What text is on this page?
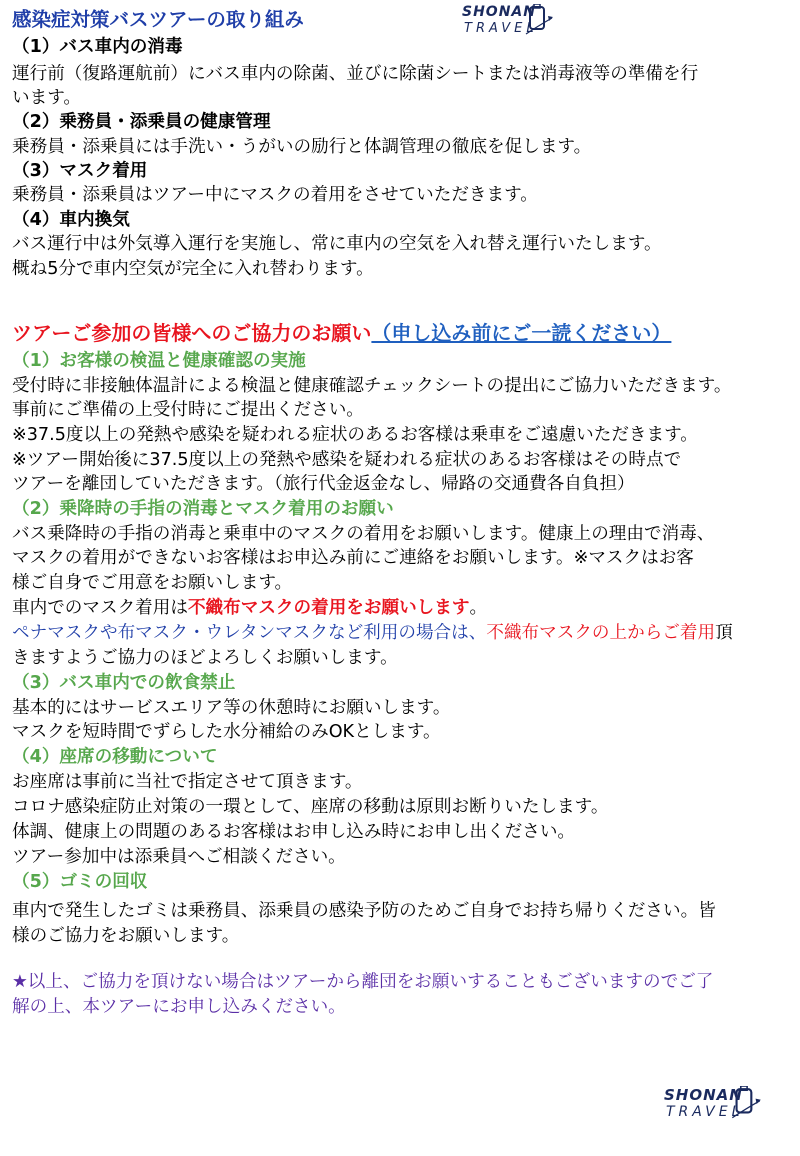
SHONAN
TRAVEL
感染症対策バスツアーの取り組み
（1）バス車内の消毒
運行前（復路運航前）にバス車内の除菌、並びに除菌シートまたは消毒液等の準備を行
います。
（2）乗務員・添乗員の健康管理
乗務員・添乗員には手洗い・うがいの励行と体調管理の徹底を促します。
（3）マスク着用
乗務員・添乗員はツアー中にマスクの着用をさせていただきます。
（4）車内換気
バス運行中は外気導入運行を実施し、常に車内の空気を入れ替え運行いたします。
概ね5分で車内空気が完全に入れ替わります。
ツアーご参加の皆様へのご協力のお願い（申し込み前にご一読ください）
（1）お客様の検温と健康確認の実施
受付時に非接触体温計による検温と健康確認チェックシートの提出にご協力いただきます。
事前にご準備の上受付時にご提出ください。
※37.5度以上の発熱や感染を疑われる症状のあるお客様は乗車をご遠慮いただきます。
※ツアー開始後に37.5度以上の発熱や感染を疑われる症状のあるお客様はその時点で
ツアーを離団していただきます。（旅行代金返金なし、帰路の交通費各自負担）
（2）乗降時の手指の消毒とマスク着用のお願い
バス乗降時の手指の消毒と乗車中のマスクの着用をお願いします。健康上の理由で消毒、
マスクの着用ができないお客様はお申込み前にご連絡をお願いします。※マスクはお客
様ご自身でご用意をお願いします。
車内でのマスク着用は不織布マスクの着用をお願いします。
ペナマスクや布マスク・ウレタンマスクなど利用の場合は、不織布マスクの上からご着用頂
きますようご協力のほどよろしくお願いします。
（3）バス車内での飲食禁止
基本的にはサービスエリア等の休憩時にお願いします。
マスクを短時間でずらした水分補給のみOKとします。
（4）座席の移動について
お座席は事前に当社で指定させて頂きます。
コロナ感染症防止対策の一環として、座席の移動は原則お断りいたします。
体調、健康上の問題のあるお客様はお申し込み時にお申し出ください。
ツアー参加中は添乗員へご相談ください。
（5）ゴミの回収
車内で発生したゴミは乗務員、添乗員の感染予防のためご自身でお持ち帰りください。皆
様のご協力をお願いします。
★以上、ご協力を頂けない場合はツアーから離団をお願いすることもございますのでご了
解の上、本ツアーにお申し込みください。
SHONAN
TRAVEL
